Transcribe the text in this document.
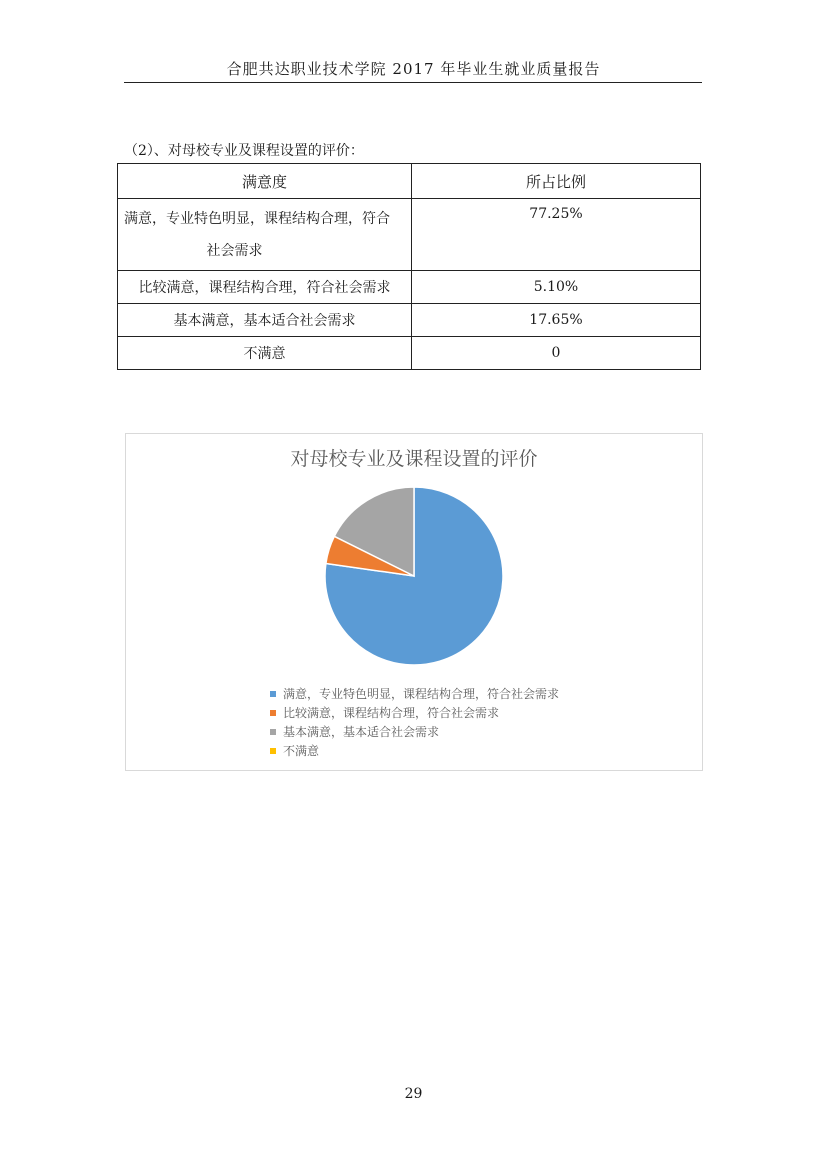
合肥共达职业技术学院 2017 年毕业生就业质量报告
（2）、对母校专业及课程设置的评价：
满意度	所占比例
满意，专业特色明显，课程结构合理，符合
社会需求	77.25%
比较满意，课程结构合理，符合社会需求	5.10%
基本满意，基本适合社会需求	17.65%
不满意	0
对母校专业及课程设置的评价
满意，专业特色明显，课程结构合理，符合社会需求
比较满意，课程结构合理，符合社会需求
基本满意，基本适合社会需求
不满意
29
